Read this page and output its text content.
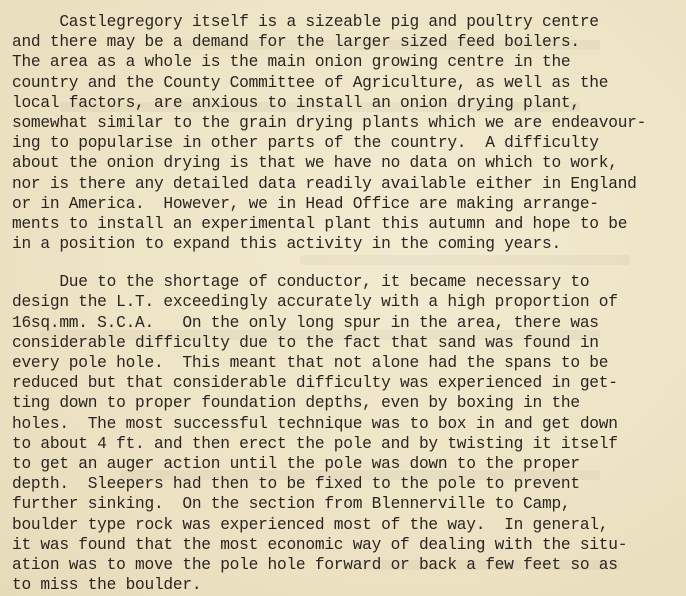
Castlegregory itself is a sizeable pig and poultry centre
and there may be a demand for the larger sized feed boilers.
The area as a whole is the main onion growing centre in the
country and the County Committee of Agriculture, as well as the
local factors, are anxious to install an onion drying plant,
somewhat similar to the grain drying plants which we are endeavour-
ing to popularise in other parts of the country.  A difficulty
about the onion drying is that we have no data on which to work,
nor is there any detailed data readily available either in England
or in America.  However, we in Head Office are making arrange-
ments to install an experimental plant this autumn and hope to be
in a position to expand this activity in the coming years.
Due to the shortage of conductor, it became necessary to
design the L.T. exceedingly accurately with a high proportion of
16sq.mm. S.C.A.   On the only long spur in the area, there was
considerable difficulty due to the fact that sand was found in
every pole hole.  This meant that not alone had the spans to be
reduced but that considerable difficulty was experienced in get-
ting down to proper foundation depths, even by boxing in the
holes.  The most successful technique was to box in and get down
to about 4 ft. and then erect the pole and by twisting it itself
to get an auger action until the pole was down to the proper
depth.  Sleepers had then to be fixed to the pole to prevent
further sinking.  On the section from Blennerville to Camp,
boulder type rock was experienced most of the way.  In general,
it was found that the most economic way of dealing with the situ-
ation was to move the pole hole forward or back a few feet so as
to miss the boulder.
